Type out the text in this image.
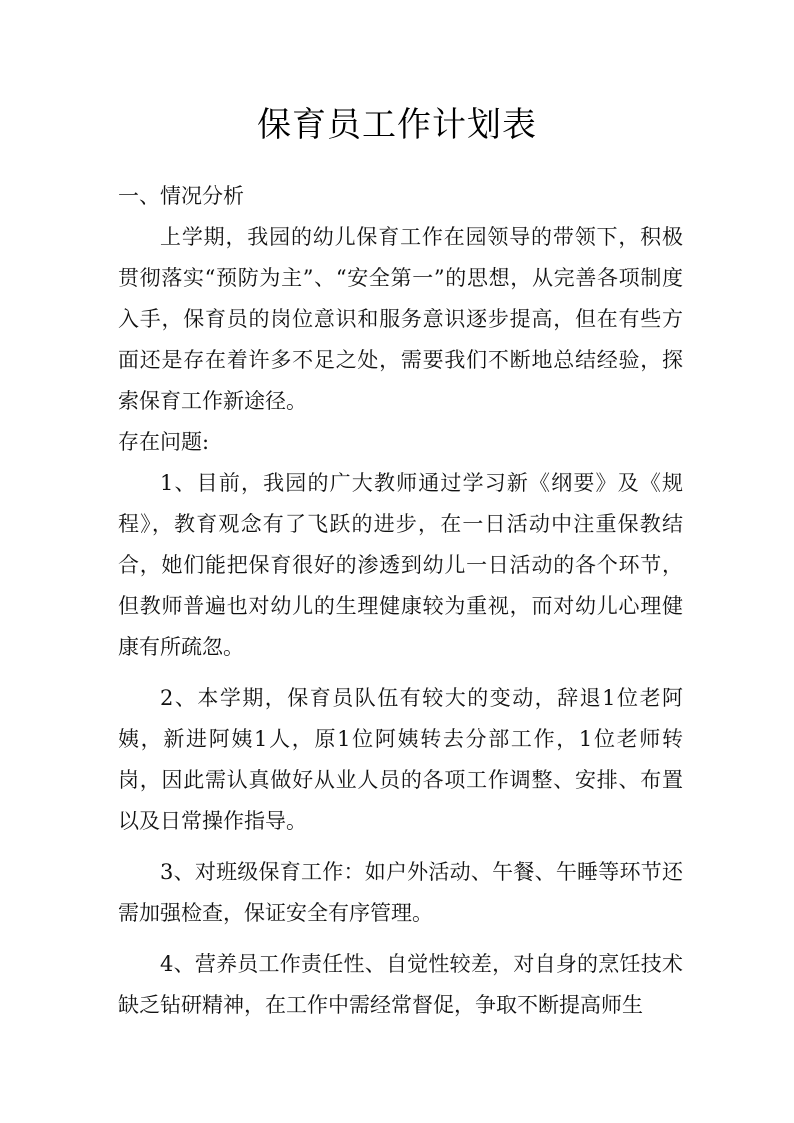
保育员工作计划表

一、情况分析

上学期，我园的幼儿保育工作在园领导的带领下，积极贯彻落实“预防为主”、“安全第一”的思想，从完善各项制度入手，保育员的岗位意识和服务意识逐步提高，但在有些方面还是存在着许多不足之处，需要我们不断地总结经验，探索保育工作新途径。

存在问题:

1、目前，我园的广大教师通过学习新《纲要》及《规程》，教育观念有了飞跃的进步，在一日活动中注重保教结合，她们能把保育很好的渗透到幼儿一日活动的各个环节，但教师普遍也对幼儿的生理健康较为重视，而对幼儿心理健康有所疏忽。

2、本学期，保育员队伍有较大的变动，辞退1位老阿姨，新进阿姨1人，原1位阿姨转去分部工作，1位老师转岗，因此需认真做好从业人员的各项工作调整、安排、布置以及日常操作指导。

3、对班级保育工作：如户外活动、午餐、午睡等环节还需加强检查，保证安全有序管理。

4、营养员工作责任性、自觉性较差，对自身的烹饪技术缺乏钻研精神，在工作中需经常督促，争取不断提高师生
